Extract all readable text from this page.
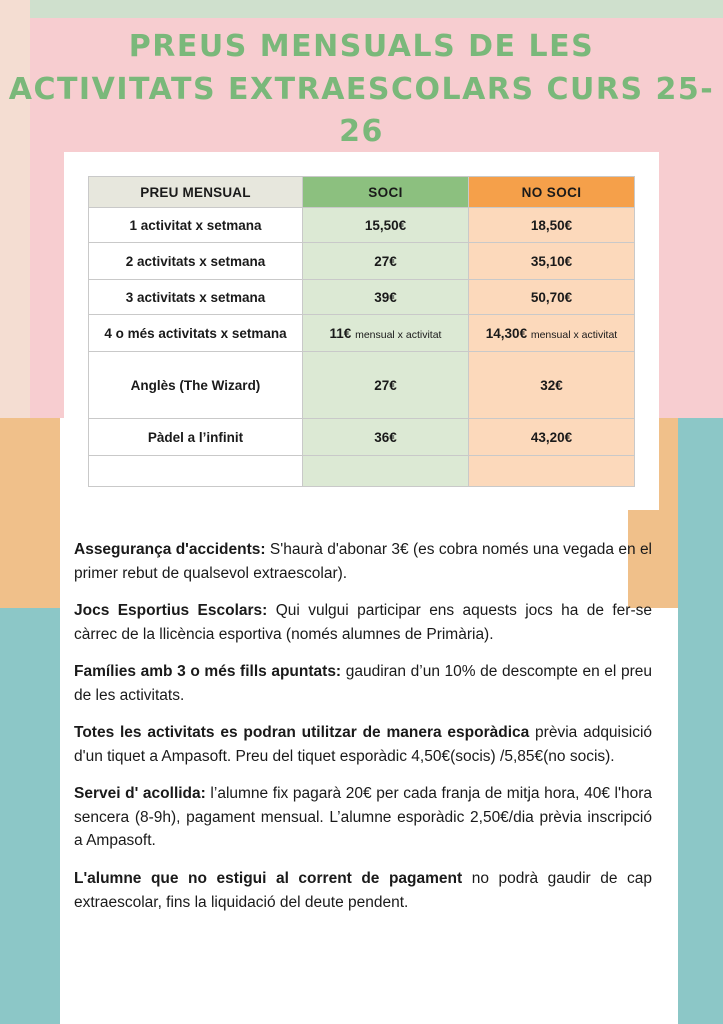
PREUS MENSUALS DE LES
ACTIVITATS EXTRAESCOLARS CURS 25-26
PREU MENSUAL	SOCI	NO SOCI
1 activitat x setmana	15,50€	18,50€
2 activitats x setmana	27€	35,10€
3 activitats x setmana	39€	50,70€
4 o més activitats x setmana	11€ mensual x activitat	14,30€ mensual x activitat
Anglès (The Wizard)	27€	32€
Pàdel a l’infinit	36€	43,20€

Assegurança d'accidents: S'haurà d'abonar 3€ (es cobra només una vegada en el primer rebut de qualsevol extraescolar).

Jocs Esportius Escolars: Qui vulgui participar ens aquests jocs ha de fer-se càrrec de la llicència esportiva (només alumnes de Primària).

Famílies amb 3 o més fills apuntats: gaudiran d’un 10% de descompte en el preu de les activitats.

Totes les activitats es podran utilitzar de manera esporàdica prèvia adquisició d'un tiquet a Ampasoft. Preu del tiquet esporàdic 4,50€(socis) /5,85€(no socis).

Servei d' acollida: l’alumne fix pagarà 20€ per cada franja de mitja hora, 40€ l'hora sencera (8-9h), pagament mensual. L’alumne esporàdic 2,50€/dia prèvia inscripció a Ampasoft.

L'alumne que no estigui al corrent de pagament no podrà gaudir de cap extraescolar, fins la liquidació del deute pendent.
